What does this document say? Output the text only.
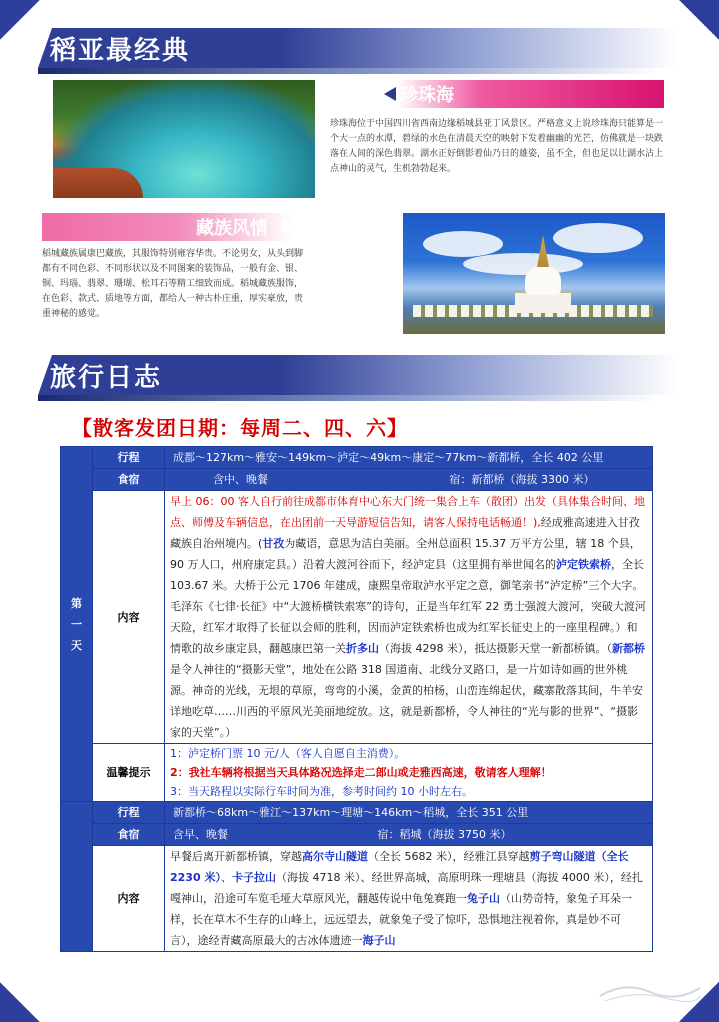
稻亚最经典
珍珠海
珍珠海位于中国四川省西南边缘稻城县亚丁风景区。严格意义上说珍珠海只能算是一个大一点的水潭，碧绿的水色在清晨天空的映射下发着幽幽的光芒，仿佛就是一块跌落在人间的深色翡翠。湖水正好倒影着仙乃日的雄姿，虽不全，但也足以让湖水沾上点神山的灵气，生机勃勃起来。
藏族风情
稻城藏族属康巴藏族，其服饰特别雍容华贵。不论男女，从头到脚都有不同色彩、不同形状以及不同图案的装饰品，一般有金、银、铜、玛瑙、翡翠、珊瑚、松耳石等精工细致而成。稻城藏族服饰，在色彩、款式、质地等方面，都给人一种古朴庄重，厚实豪放，贵重神秘的感觉。
旅行日志
【散客发团日期：每周二、四、六】
第一天	行程	成都～127km～雅安～149km～泸定～49km～康定～77km～新都桥，全长 402 公里
	食宿	含中、晚餐 宿：新都桥（海拔 3300 米）
	内容	早上 06：00 客人自行前往成都市体育中心东大门统一集合上车（散团）出发（具体集合时间、地点、师傅及车辆信息，在出团前一天导游短信告知，请客人保持电话畅通！),经成雅高速进入甘孜藏族自治州境内。(甘孜为藏语，意思为洁白美丽。全州总面积 15.37 万平方公里，辖 18 个县，90 万人口，州府康定县。）沿着大渡河谷而下，经泸定县（这里拥有举世闻名的泸定铁索桥，全长 103.67 米。大桥于公元 1706 年建成，康熙皇帝取泸水平定之意，御笔亲书“泸定桥”三个大字。毛泽东《七律·长征》中“大渡桥横铁索寒”的诗句，正是当年红军 22 勇士强渡大渡河，突破大渡河天险，红军才取得了长征以会师的胜利，因而泸定铁索桥也成为红军长征史上的一座里程碑。）和情歌的故乡康定县，翻越康巴第一关折多山（海拔 4298 米），抵达摄影天堂一新都桥镇。（新都桥是令人神往的“摄影天堂”，地处在公路 318 国道南、北线分叉路口，是一片如诗如画的世外桃源。神奇的光线，无垠的草原，弯弯的小溪，金黄的柏杨，山峦连绵起伏，藏寨散落其间，牛羊安详地吃草……川西的平原风光美丽地绽放。这，就是新都桥，令人神往的“光与影的世界”、“摄影家的天堂”。）
	温馨提示	1：泸定桥门票 10 元/人（客人自愿自主消费）。
2：我社车辆将根据当天具体路况选择走二郎山或走雅西高速，敬请客人理解！
3：当天路程以实际行车时间为准，参考时间约 10 小时左右。

	行程	新都桥～68km～雅江～137km～理塘～146km～稻城，全长 351 公里
	食宿	含早、晚餐 宿：稻城（海拔 3750 米）
	内容	早餐后离开新都桥镇，穿越高尔寺山隧道（全长 5682 米），经雅江县穿越剪子弯山隧道（全长 2230 米）、卡子拉山（海拔 4718 米）、经世界高城，高原明珠一理塘县（海拔 4000 米），经扎嘎神山，沿途可车览毛垭大草原风光，翻越传说中龟兔赛跑一兔子山（山势奇特，象兔子耳朵一样，长在草木不生存的山峰上，远远望去，就象兔子受了惊吓，恐惧地注视着你，真是妙不可言），途经青藏高原最大的古冰体遗迹一海子山
